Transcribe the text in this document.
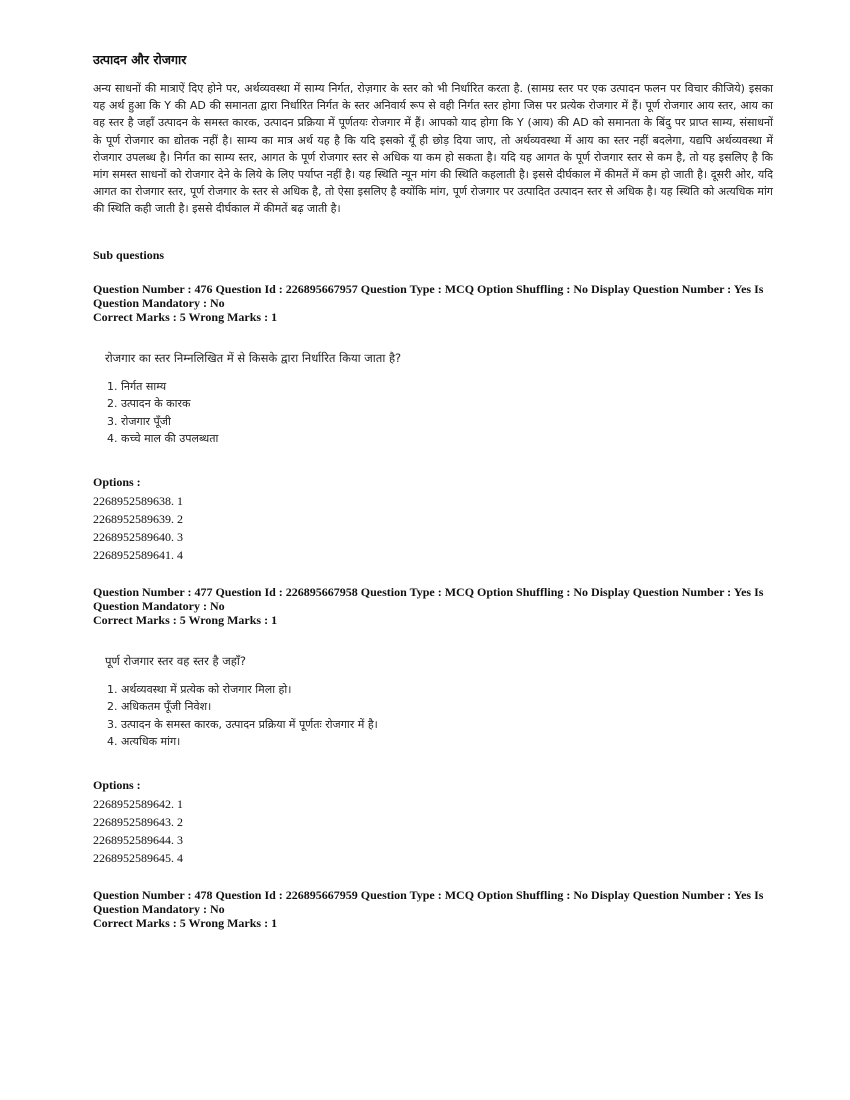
उत्पादन और रोजगार

अन्य साधनों की मात्राऐं दिए होने पर, अर्थव्यवस्था में साम्य निर्गत, रोज़गार के स्तर को भी निर्धारित करता है. (सामग्र स्तर पर एक उत्पादन फलन पर विचार कीजिये) इसका यह अर्थ हुआ कि Y की AD की समानता द्वारा निर्धारित निर्गत के स्तर अनिवार्य रूप से वही निर्गत स्तर होगा जिस पर प्रत्येक रोजगार में हैं। पूर्ण रोजगार आय स्तर, आय का वह स्तर है जहाँ उत्पादन के समस्त कारक, उत्पादन प्रक्रिया में पूर्णतयः रोजगार में हैं। आपको याद होगा कि Y (आय) की AD को समानता के बिंदु पर प्राप्त साम्य, संसाधनों के पूर्ण रोजगार का द्योतक नहीं है। साम्य का मात्र अर्थ यह है कि यदि इसको यूँ ही छोड़ दिया जाए, तो अर्थव्यवस्था में आय का स्तर नहीं बदलेगा, यद्यपि अर्थव्यवस्था में रोजगार उपलब्ध है। निर्गत का साम्य स्तर, आगत के पूर्ण रोजगार स्तर से अधिक या कम हो सकता है। यदि यह आगत के पूर्ण रोजगार स्तर से कम है, तो यह इसलिए है कि मांग समस्त साधनों को रोजगार देने के लिये के लिए पर्याप्त नहीं है। यह स्थिति न्यून मांग की स्थिति कहलाती है। इससे दीर्घकाल में कीमतें में कम हो जाती है। दूसरी ओर, यदि आगत का रोजगार स्तर, पूर्ण रोजगार के स्तर से अधिक है, तो ऐसा इसलिए है क्योंकि मांग, पूर्ण रोजगार पर उत्पादित उत्पादन स्तर से अधिक है। यह स्थिति को अत्यधिक मांग की स्थिति कही जाती है। इससे दीर्घकाल में कीमतें बढ़ जाती है।

Sub questions
Question Number : 476 Question Id : 226895667957 Question Type : MCQ Option Shuffling : No Display Question Number : Yes Is
Question Mandatory : No
Correct Marks : 5 Wrong Marks : 1
रोजगार का स्तर निम्नलिखित में से किसके द्वारा निर्धारित किया जाता है?
1. निर्गत साम्य
2. उत्पादन के कारक
3. रोजगार पूँजी
4. कच्चे माल की उपलब्धता
Options :
2268952589638. 1
2268952589639. 2
2268952589640. 3
2268952589641. 4
Question Number : 477 Question Id : 226895667958 Question Type : MCQ Option Shuffling : No Display Question Number : Yes Is
Question Mandatory : No
Correct Marks : 5 Wrong Marks : 1
पूर्ण रोजगार स्तर वह स्तर है जहाँ?
1. अर्थव्यवस्था में प्रत्येक को रोजगार मिला हो।
2. अधिकतम पूँजी निवेश।
3. उत्पादन के समस्त कारक, उत्पादन प्रक्रिया में पूर्णतः रोजगार में है।
4. अत्यधिक मांग।
Options :
2268952589642. 1
2268952589643. 2
2268952589644. 3
2268952589645. 4
Question Number : 478 Question Id : 226895667959 Question Type : MCQ Option Shuffling : No Display Question Number : Yes Is
Question Mandatory : No
Correct Marks : 5 Wrong Marks : 1
